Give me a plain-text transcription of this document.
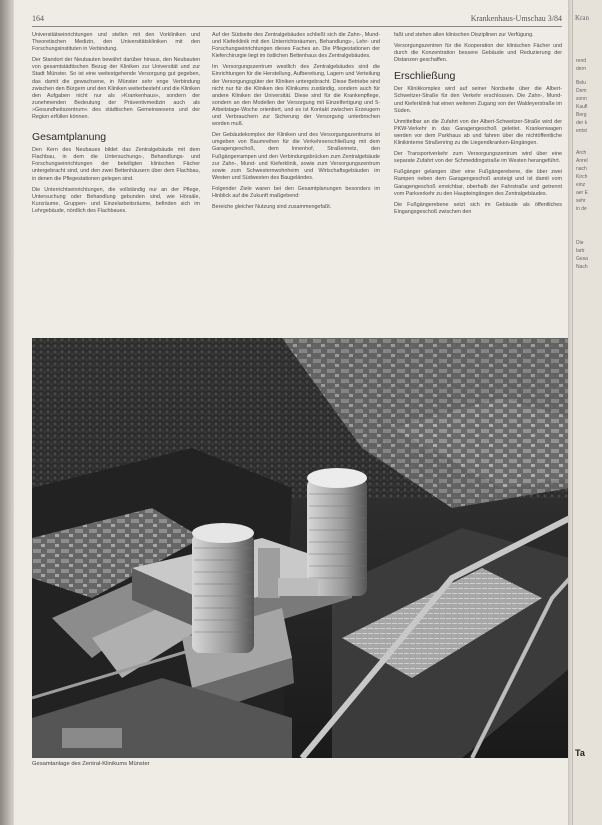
164	Krankenhaus-Umschau 3/84

Universitätseinrichtungen und stellen mit den Vorkliniken und Theoretischen Medizin, den Universitätskliniken mit den Forschungsinstituten in Verbindung.

Der Standort der Neubauten bewährt darüber hinaus, den Neubauten von gesamtstädtischen Bezug der Kliniken zur Universität und zur Stadt Münster. So ist eine weitestgehende Versorgung gut gegeben, das damit die gewachsene, in Münster sehr enge Verbindung zwischen den Bürgern und den Kliniken weiterbesteht und die Kliniken den Aufgaben nicht nur als »Krankenhaus«, sondern der zunehmenden Bedeutung der Präventivmedizin auch als »Gesundheitszentrum« des städtischen Gemeinwesens und der Region erfüllen können.

Gesamtplanung

Den Kern des Neubaues bildet das Zentralgebäude mit dem Flachbau, in dem die Untersuchungs-, Behandlungs- und Forschungseinrichtungen der beteiligten klinischen Fächer untergebracht sind, und den zwei Bettenhäusern über dem Flachbau, in denen die Pflegestationen gelegen sind.

Die Unterrichtseinrichtungen, die vollständig nur an der Pflege, Untersuchung oder Behandlung gebunden sind, wie Hörsäle, Kursräume, Gruppen- und Einzelarbeitsräume, befinden sich im Lehrgebäude, nördlich des Flachbaues.

Auf der Südseite des Zentralgebäudes schließt sich die Zahn-, Mund- und Kieferklinik mit den Unterrichtsräumen, Behandlungs-, Lehr- und Forschungseinrichtungen dieses Faches an. Die Pflegestationen der Kieferchirurgie liegt im östlichen Bettenhaus des Zentralgebäudes.

Im Versorgungszentrum westlich des Zentralgebäudes sind die Einrichtungen für die Herstellung, Aufbereitung, Lagern und Verteilung der Versorgungsgüter der Kliniken untergebracht. Diese Betriebe sind nicht nur für die Kliniken des Klinikums zuständig, sondern auch für andere Kliniken der Universität. Diese sind für die Krankenpflege, sondern an den Modellen der Versorgung mit Einzelfertigung und 5-Arbeitstage-Woche orientiert, und es ist Kontakt zwischen Erzeugern und Verbrauchern zur Sicherung der Versorgung unterbrochen worden muß.

Der Gebäudekomplex der Kliniken und des Versorgungszentrums ist umgeben von Baumreihen für die Verkehrserschließung mit dem Garagengeschoß, dem Innenhof, Straßennetz, den Fußgängerrampen und den Verbindungsbrücken zum Zentralgebäude zur Zahn-, Mund- und Kieferklinik, sowie zum Versorgungszentrum sowie zum Schwesternwohnheim und Wirtschaftsgebäuden im Westen und Südwesten des Baugeländes.

Folgender Ziele waren bei den Gesamtplanungen besonders im Hinblick auf die Zukunft maßgebend:

Bereiche gleicher Nutzung sind zusammengefaßt.

faßt und stehen allen klinischen Disziplinen zur Verfügung.

Versorgungszentren für die Kooperation der klinischen Fächer und durch die Konzentration bessere Gebäude und Reduzierung der Distanzen geschaffen.

Erschließung

Der Klinikkomplex wird auf seiner Nordseite über die Albert-Schweitzer-Straße für den Verkehr erschlossen. Die Zahn-, Mund- und Kieferklinik hat einen weiteren Zugang von der Waldeyerstraße im Süden.

Unmittelbar an die Zufahrt von der Albert-Schweitzer-Straße wird der PKW-Verkehr in das Garagengeschoß geleitet. Krankenwagen werden vor dem Parkhaus ab und fahren über die nichtöffentliche Klinikinterne Straßenring zu die Liegendkranken-Eingängen.

Der Transportverkehr zum Versorgungszentrum wird über eine separate Zufahrt von der Schmeddingstraße im Westen herangeführt.

Fußgänger gelangen über eine Fußgängerebene, die über zwei Rampen neben dem Garagengeschoß ansteigt und ist damit vom Garagengeschoß erreichbar, oberhalb der Fahrstraße und getrennt vom Parkverkehr zu den Haupteingängen des Zentralgebäudes.

Die Fußgängerebene setzt sich im Gebäude als öffentliches Eingangsgeschoß zwischen den

Gesamtanlage des Zentral-Klinikums Münster
Kran
rend
dern
Belu
Dem
sonn
Kaufl
Berg
der k
entst
Arch
Anrel
nach
Kirch
einz
aer E
sehr
in de
Die
lartr
Gesa
Nach
Ta
